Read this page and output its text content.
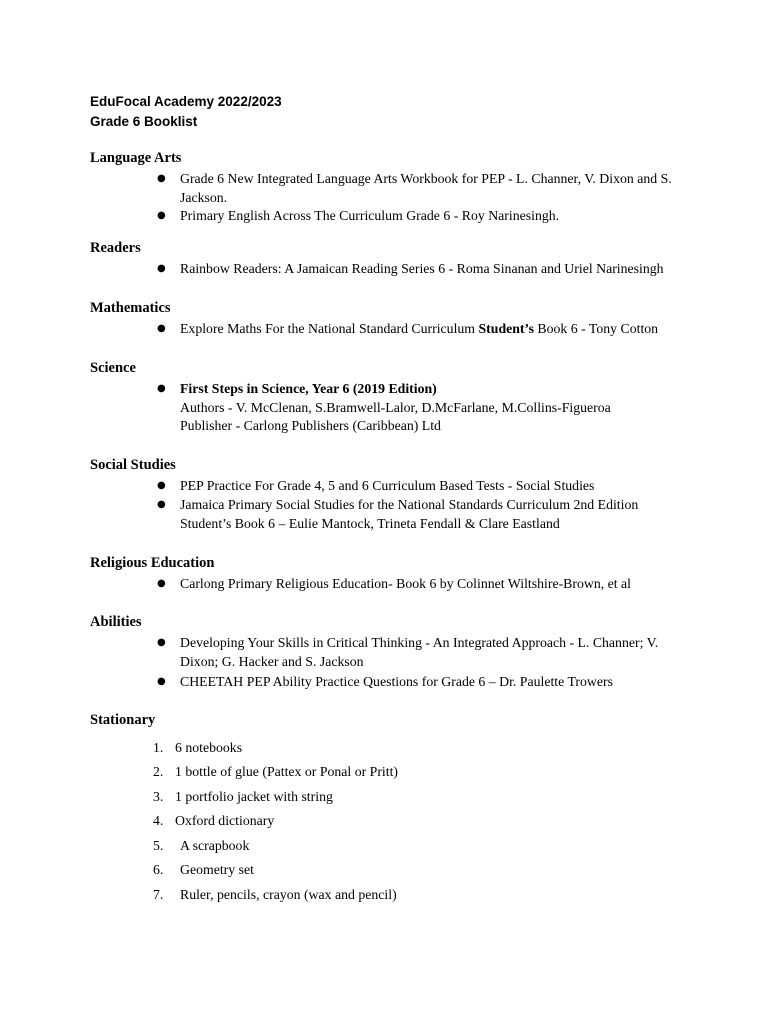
EduFocal Academy 2022/2023
Grade 6 Booklist
Language Arts
● Grade 6 New Integrated Language Arts Workbook for PEP - L. Channer, V. Dixon and S. Jackson.
● Primary English Across The Curriculum Grade 6 - Roy Narinesingh.
Readers
● Rainbow Readers: A Jamaican Reading Series 6 - Roma Sinanan and Uriel Narinesingh
Mathematics
● Explore Maths For the National Standard Curriculum Student’s Book 6 - Tony Cotton
Science
● First Steps in Science, Year 6 (2019 Edition)
Authors - V. McClenan, S.Bramwell-Lalor, D.McFarlane, M.Collins-Figueroa
Publisher - Carlong Publishers (Caribbean) Ltd
Social Studies
● PEP Practice For Grade 4, 5 and 6 Curriculum Based Tests - Social Studies
● Jamaica Primary Social Studies for the National Standards Curriculum 2nd Edition Student’s Book 6 – Eulie Mantock, Trineta Fendall & Clare Eastland
Religious Education
● Carlong Primary Religious Education- Book 6 by Colinnet Wiltshire-Brown, et al
Abilities
● Developing Your Skills in Critical Thinking - An Integrated Approach - L. Channer; V. Dixon; G. Hacker and S. Jackson
● CHEETAH PEP Ability Practice Questions for Grade 6 – Dr. Paulette Trowers
Stationary
1. 6 notebooks
2. 1 bottle of glue (Pattex or Ponal or Pritt)
3. 1 portfolio jacket with string
4. Oxford dictionary
5. A scrapbook
6. Geometry set
7. Ruler, pencils, crayon (wax and pencil)
